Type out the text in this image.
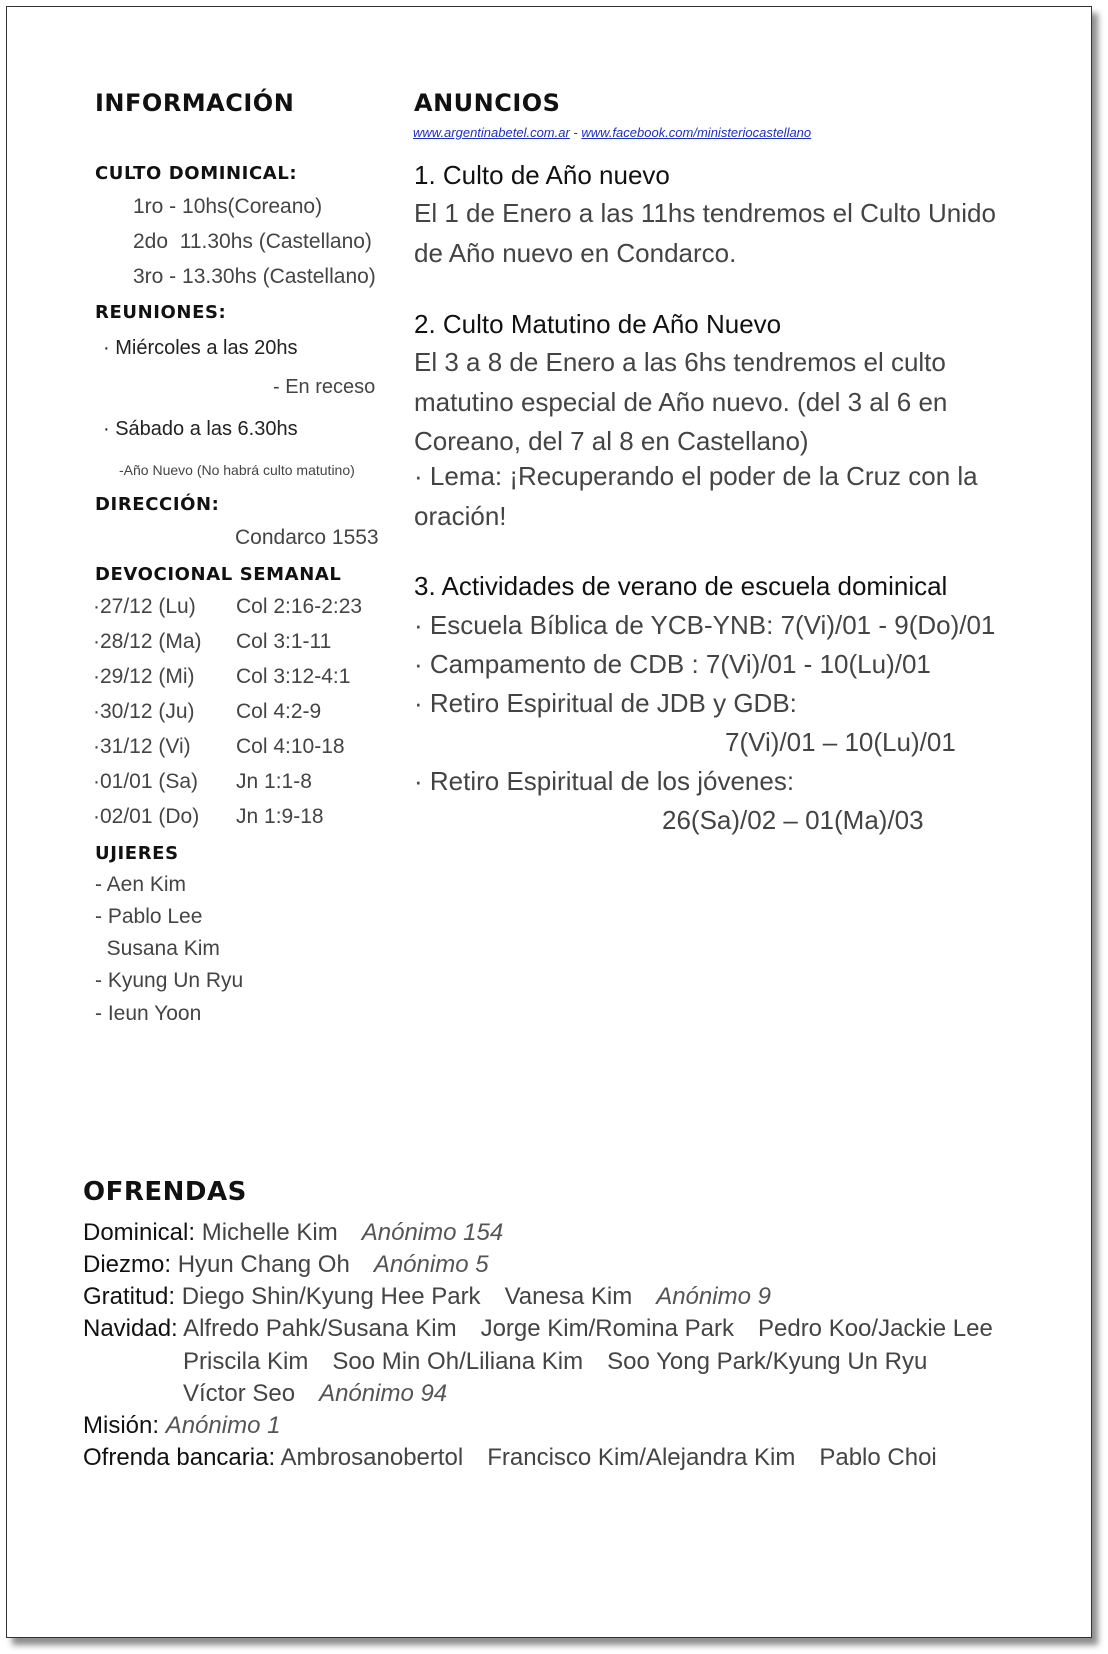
INFORMACIÓN
CULTO DOMINICAL:
1ro - 10hs(Coreano)
2do  11.30hs (Castellano)
3ro - 13.30hs (Castellano)
REUNIONES:
· Miércoles a las 20hs
- En receso
· Sábado a las 6.30hs
-Año Nuevo (No habrá culto matutino)
DIRECCIÓN:
Condarco 1553
DEVOCIONAL SEMANAL
·27/12 (Lu) Col 2:16-2:23
·28/12 (Ma) Col 3:1-11
·29/12 (Mi) Col 3:12-4:1
·30/12 (Ju) Col 4:2-9
·31/12 (Vi) Col 4:10-18
·01/01 (Sa) Jn 1:1-8
·02/01 (Do) Jn 1:9-18
UJIERES
- Aen Kim
- Pablo Lee
Susana Kim
- Kyung Un Ryu
- Ieun Yoon
ANUNCIOS
www.argentinabetel.com.ar - www.facebook.com/ministeriocastellano
1. Culto de Año nuevo
El 1 de Enero a las 11hs tendremos el Culto Unido de Año nuevo en Condarco.
2. Culto Matutino de Año Nuevo
El 3 a 8 de Enero a las 6hs tendremos el culto matutino especial de Año nuevo. (del 3 al 6 en Coreano, del 7 al 8 en Castellano)
· Lema: ¡Recuperando el poder de la Cruz con la oración!
3. Actividades de verano de escuela dominical
· Escuela Bíblica de YCB-YNB: 7(Vi)/01 - 9(Do)/01
· Campamento de CDB : 7(Vi)/01 - 10(Lu)/01
· Retiro Espiritual de JDB y GDB:
7(Vi)/01 – 10(Lu)/01
· Retiro Espiritual de los jóvenes:
26(Sa)/02 – 01(Ma)/03
OFRENDAS
Dominical: Michelle Kim Anónimo 154
Diezmo: Hyun Chang Oh Anónimo 5
Gratitud: Diego Shin/Kyung Hee Park Vanesa Kim Anónimo 9
Navidad: Alfredo Pahk/Susana Kim Jorge Kim/Romina Park Pedro Koo/Jackie Lee
Priscila Kim Soo Min Oh/Liliana Kim Soo Yong Park/Kyung Un Ryu
Víctor Seo Anónimo 94
Misión: Anónimo 1
Ofrenda bancaria: Ambrosanobertol Francisco Kim/Alejandra Kim Pablo Choi
